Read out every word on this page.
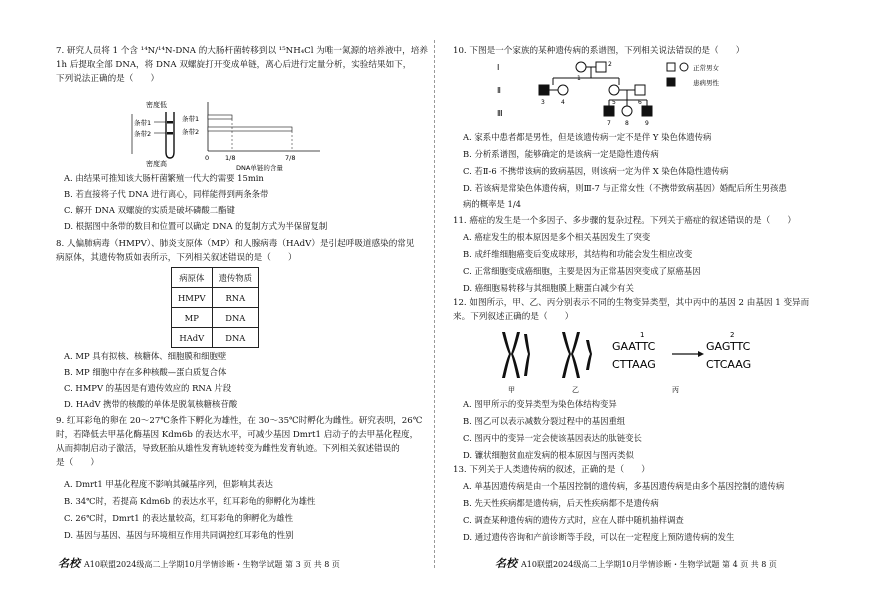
7. 研究人员将 1 个含 ¹⁴N/¹⁴N-DNA 的大肠杆菌转移到以 ¹⁵NH₄Cl 为唯一氮源的培养液中，培养
1h 后提取全部 DNA，将 DNA 双螺旋打开变成单链，离心后进行定量分析，实验结果如下，
下列说法正确的是（　　）
密度低
条带1
条带2
密度高
条带1
条带2
0 1/8	7/8
DNA单链的含量
A. 由结果可推知该大肠杆菌繁殖一代大约需要 15min
B. 若直接将子代 DNA 进行离心，同样能得到两条条带
C. 解开 DNA 双螺旋的实质是破坏磷酸二酯键
D. 根据图中条带的数目和位置可以确定 DNA 的复制方式为半保留复制
8. 人偏肺病毒（HMPV）、肺炎支原体（MP）和人腺病毒（HAdV）是引起呼吸道感染的常见
病原体，其遗传物质如表所示，下列相关叙述错误的是（　　）
病原体	遗传物质
HMPV	RNA
MP	DNA
HAdV	DNA
A. MP 具有拟核、核糖体、细胞膜和细胞壁
B. MP 细胞中存在多种核酸—蛋白质复合体
C. HMPV 的基因是有遗传效应的 RNA 片段
D. HAdV 携带的核酸的单体是脱氧核糖核苷酸
9. 红耳彩龟的卵在 20～27℃条件下孵化为雄性，在 30～35℃时孵化为雌性。研究表明，26℃
时，若降低去甲基化酶基因 Kdm6b 的表达水平，可减少基因 Dmrt1 启动子的去甲基化程度，
从而抑制启动子激活，导致胚胎从雄性发育轨迹转变为雌性发育轨迹。下列相关叙述错误的
是（　　）
A. Dmrt1 甲基化程度不影响其碱基序列，但影响其表达
B. 34℃时，若提高 Kdm6b 的表达水平，红耳彩龟的卵孵化为雄性
C. 26℃时，Dmrt1 的表达量较高，红耳彩龟的卵孵化为雄性
D. 基因与基因、基因与环境相互作用共同调控红耳彩龟的性别
名校 A10联盟2024级高二上学期10月学情诊断・生物学试题 第 3 页 共 8 页
10. 下图是一个家族的某种遗传病的系谱图，下列相关说法错误的是（　　）
Ⅰ
Ⅱ
Ⅲ
1
2
3	4	5	6
7 8	9
正常男女
患病男性
A. 家系中患者都是男性，但是该遗传病一定不是伴 Y 染色体遗传病
B. 分析系谱图，能够确定的是该病一定是隐性遗传病
C. 若Ⅱ-6 不携带该病的致病基因，则该病一定为伴 X 染色体隐性遗传病
D. 若该病是常染色体遗传病，则Ⅲ-7 与正常女性（不携带致病基因）婚配后所生男孩患
病的概率是 1/4
11. 癌症的发生是一个多因子、多步骤的复杂过程。下列关于癌症的叙述错误的是（　　）
A. 癌症发生的根本原因是多个相关基因发生了突变
B. 成纤维细胞癌变后变成球形，其结构和功能会发生相应改变
C. 正常细胞变成癌细胞，主要是因为正常基因突变成了原癌基因
D. 癌细胞易转移与其细胞膜上糖蛋白减少有关
12. 如图所示，甲、乙、丙分别表示不同的生物变异类型，其中丙中的基因 2 由基因 1 变异而
来。下列叙述正确的是（　　）
甲	乙
1
GAATTC
CTTAAG
2
GAGTTC
CTCAAG
丙
A. 图甲所示的变异类型为染色体结构变异
B. 图乙可以表示减数分裂过程中的基因重组
C. 图丙中的变异一定会使该基因表达的肽链变长
D. 镰状细胞贫血症发病的根本原因与图丙类似
13. 下列关于人类遗传病的叙述，正确的是（　　）
A. 单基因遗传病是由一个基因控制的遗传病，多基因遗传病是由多个基因控制的遗传病
B. 先天性疾病都是遗传病，后天性疾病都不是遗传病
C. 调查某种遗传病的遗传方式时，应在人群中随机抽样调查
D. 通过遗传咨询和产前诊断等手段，可以在一定程度上预防遗传病的发生
名校 A10联盟2024级高二上学期10月学情诊断・生物学试题 第 4 页 共 8 页
